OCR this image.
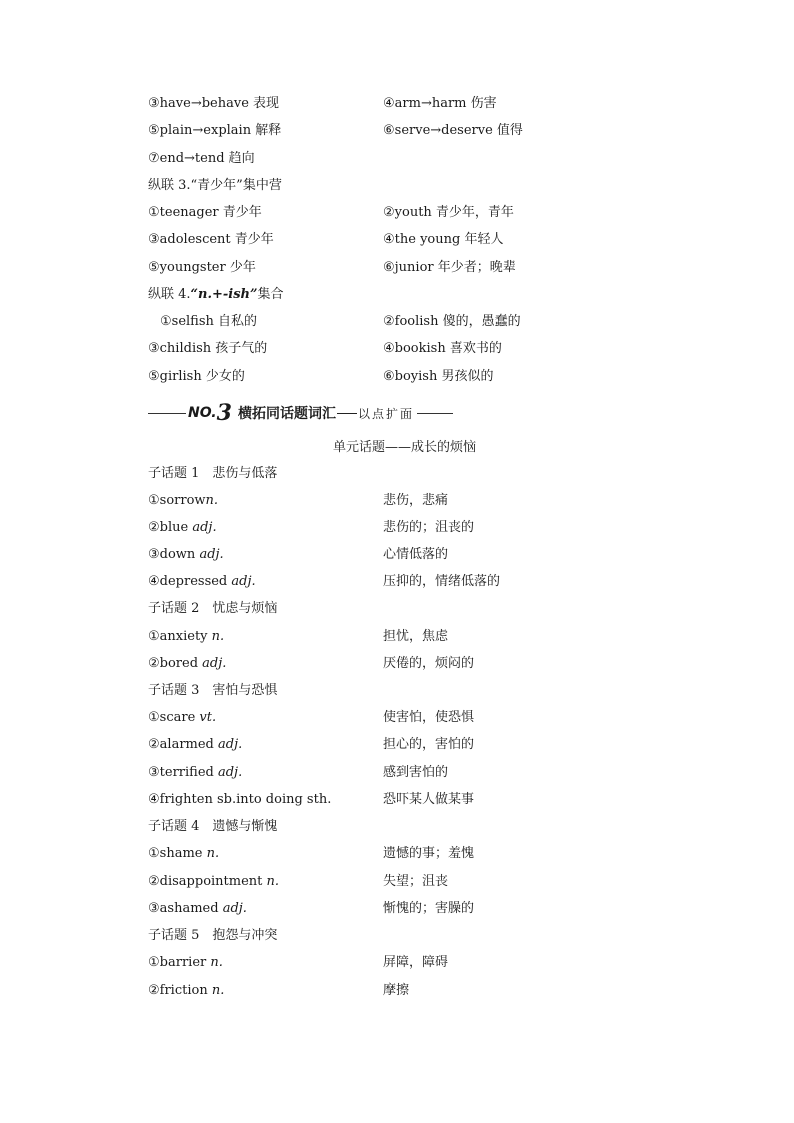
③have→behave 表现	④arm→harm 伤害
⑤plain→explain 解释	⑥serve→deserve 值得
⑦end→tend 趋向
纵联 3.“青少年”集中营
①teenager 青少年	②youth 青少年，青年
③adolescent 青少年	④the young 年轻人
⑤youngster 少年	⑥junior 年少者；晚辈
纵联 4.“n.+-ish”集合
①selfish 自私的	②foolish 傻的，愚蠢的
③childish 孩子气的	④bookish 喜欢书的
⑤girlish 少女的	⑥boyish 男孩似的
NO. 3 横拓同话题词汇 以点扩面
单元话题——成长的烦恼
子话题 1　悲伤与低落
①sorrown.	悲伤，悲痛
②blue adj.	悲伤的；沮丧的
③down adj.	心情低落的
④depressed adj.	压抑的，情绪低落的
子话题 2　忧虑与烦恼
①anxiety n.	担忧，焦虑
②bored adj.	厌倦的，烦闷的
子话题 3　害怕与恐惧
①scare vt.	使害怕，使恐惧
②alarmed adj.	担心的，害怕的
③terrified adj.	感到害怕的
④frighten sb.into doing sth.	恐吓某人做某事
子话题 4　遗憾与惭愧
①shame n.	遗憾的事；羞愧
②disappointment n.	失望；沮丧
③ashamed adj.	惭愧的；害臊的
子话题 5　抱怨与冲突
①barrier n.	屏障，障碍
②friction n.	摩擦
